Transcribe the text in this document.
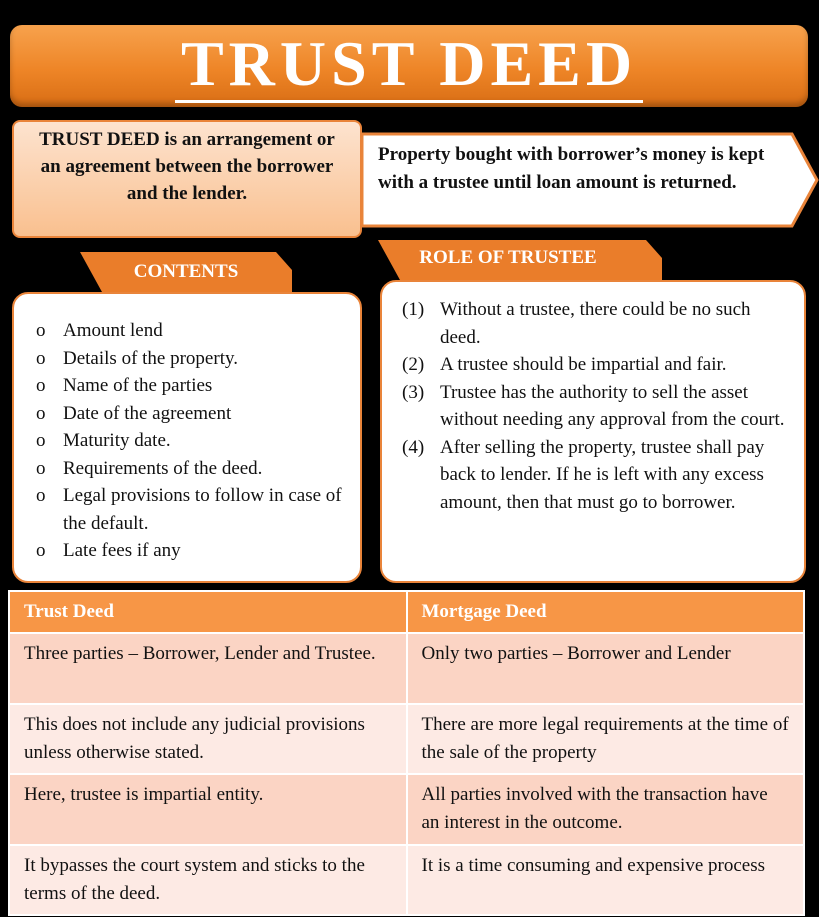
TRUST DEED
TRUST DEED is an arrangement or an agreement between the borrower and the lender.
Property bought with borrower’s money is kept with a trustee until loan amount is returned.
CONTENTS
ROLE OF TRUSTEE
o Amount lend
o Details of the property.
o Name of the parties
o Date of the agreement
o Maturity date.
o Requirements of the deed.
o Legal provisions to follow in case of the default.
o Late fees if any
(1) Without a trustee, there could be no such deed.
(2) A trustee should be impartial and fair.
(3) Trustee has the authority to sell the asset without needing any approval from the court.
(4) After selling the property, trustee shall pay back to lender. If he is left with any excess amount, then that must go to borrower.
Trust Deed	Mortgage Deed
Three parties – Borrower, Lender and Trustee.	Only two parties – Borrower and Lender
This does not include any judicial provisions unless otherwise stated.	There are more legal requirements at the time of the sale of the property
Here, trustee is impartial entity.	All parties involved with the transaction have an interest in the outcome.
It bypasses the court system and sticks to the terms of the deed.	It is a time consuming and expensive process
